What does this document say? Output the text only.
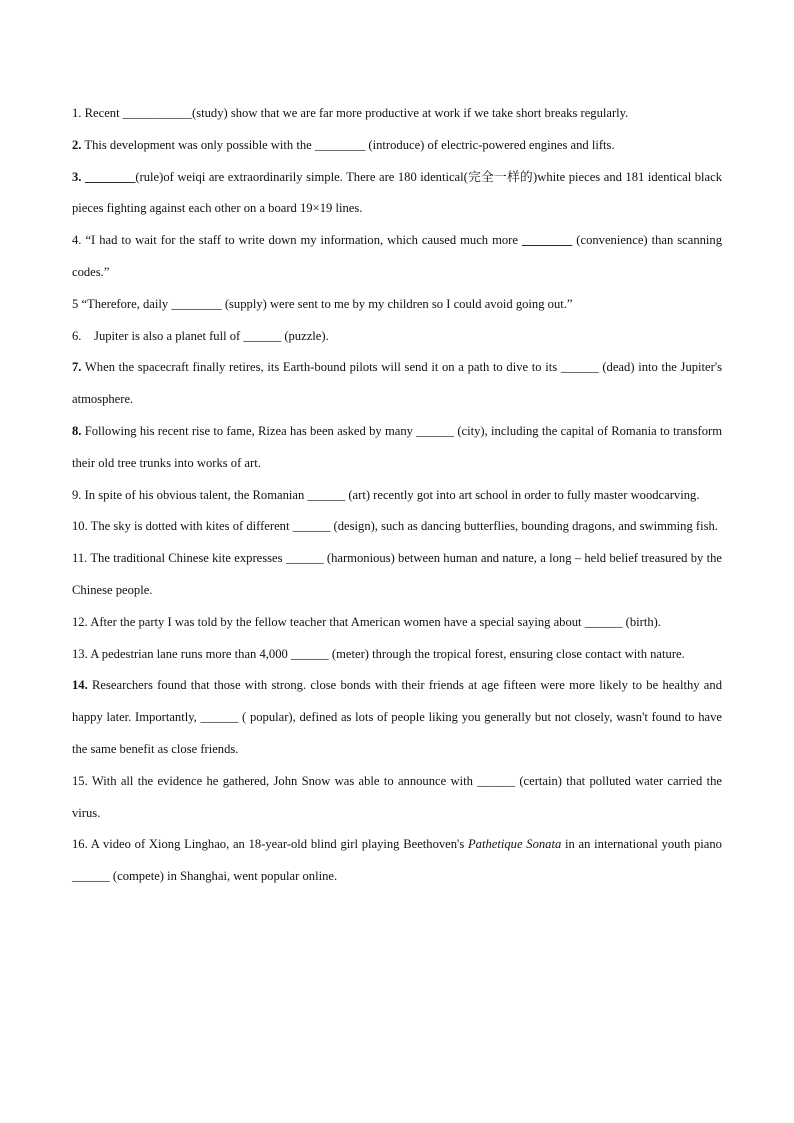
1. Recent ___________(study) show that we are far more productive at work if we take short breaks regularly.

2. This development was only possible with the ________ (introduce) of electric-powered engines and lifts.

3. ________(rule)of weiqi are extraordinarily simple. There are 180 identical(完全一样的)white pieces and 181 identical black pieces fighting against each other on a board 19×19 lines.

4. “I had to wait for the staff to write down my information, which caused much more ________ (convenience) than scanning codes.”

5 “Therefore, daily ________ (supply) were sent to me by my children so I could avoid going out.”

6.    Jupiter is also a planet full of ______ (puzzle).

7. When the spacecraft finally retires, its Earth-bound pilots will send it on a path to dive to its ______ (dead) into the Jupiter's atmosphere.

8. Following his recent rise to fame, Rizea has been asked by many ______ (city), including the capital of Romania to transform their old tree trunks into works of art.

9. In spite of his obvious talent, the Romanian ______ (art) recently got into art school in order to fully master woodcarving.

10. The sky is dotted with kites of different ______ (design), such as dancing butterflies, bounding dragons, and swimming fish.

11. The traditional Chinese kite expresses ______ (harmonious) between human and nature, a long – held belief treasured by the Chinese people.

12. After the party I was told by the fellow teacher that American women have a special saying about ______ (birth).

13. A pedestrian lane runs more than 4,000 ______ (meter) through the tropical forest, ensuring close contact with nature.

14. Researchers found that those with strong. close bonds with their friends at age fifteen were more likely to be healthy and happy later. Importantly, ______ ( popular), defined as lots of people liking you generally but not closely, wasn't found to have the same benefit as close friends.

15. With all the evidence he gathered, John Snow was able to announce with ______ (certain) that polluted water carried the virus.

16. A video of Xiong Linghao, an 18-year-old blind girl playing Beethoven's Pathetique Sonata in an international youth piano ______ (compete) in Shanghai, went popular online.
